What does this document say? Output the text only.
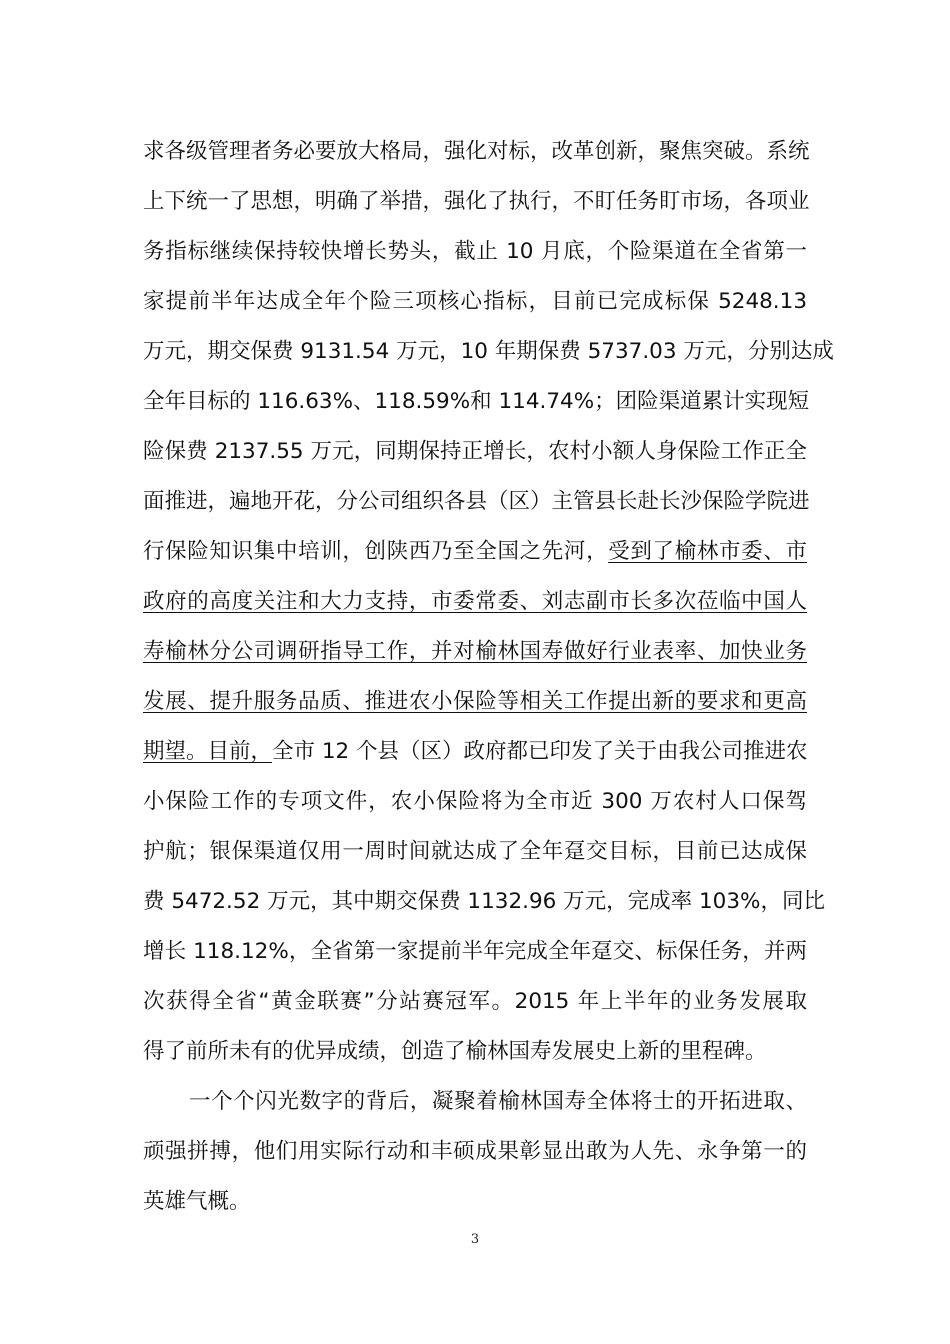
求各级管理者务必要放大格局，强化对标，改革创新，聚焦突破。系统
上下统一了思想，明确了举措，强化了执行，不盯任务盯市场，各项业
务指标继续保持较快增长势头，截止 10 月底，个险渠道在全省第一
家提前半年达成全年个险三项核心指标，目前已完成标保 5248.13
万元，期交保费 9131.54 万元，10 年期保费 5737.03 万元，分别达成
全年目标的 116.63%、118.59%和 114.74%；团险渠道累计实现短
险保费 2137.55 万元，同期保持正增长，农村小额人身保险工作正全
面推进，遍地开花，分公司组织各县（区）主管县长赴长沙保险学院进
行保险知识集中培训，创陕西乃至全国之先河，受到了榆林市委、市
政府的高度关注和大力支持，市委常委、刘志副市长多次莅临中国人
寿榆林分公司调研指导工作，并对榆林国寿做好行业表率、加快业务
发展、提升服务品质、推进农小保险等相关工作提出新的要求和更高
期望。目前，全市 12 个县（区）政府都已印发了关于由我公司推进农
小保险工作的专项文件，农小保险将为全市近 300 万农村人口保驾
护航；银保渠道仅用一周时间就达成了全年趸交目标，目前已达成保
费 5472.52 万元，其中期交保费 1132.96 万元，完成率 103%，同比
增长 118.12%，全省第一家提前半年完成全年趸交、标保任务，并两
次获得全省“黄金联赛”分站赛冠军。2015 年上半年的业务发展取
得了前所未有的优异成绩，创造了榆林国寿发展史上新的里程碑。
一个个闪光数字的背后，凝聚着榆林国寿全体将士的开拓进取、
顽强拼搏，他们用实际行动和丰硕成果彰显出敢为人先、永争第一的
英雄气概。
3
